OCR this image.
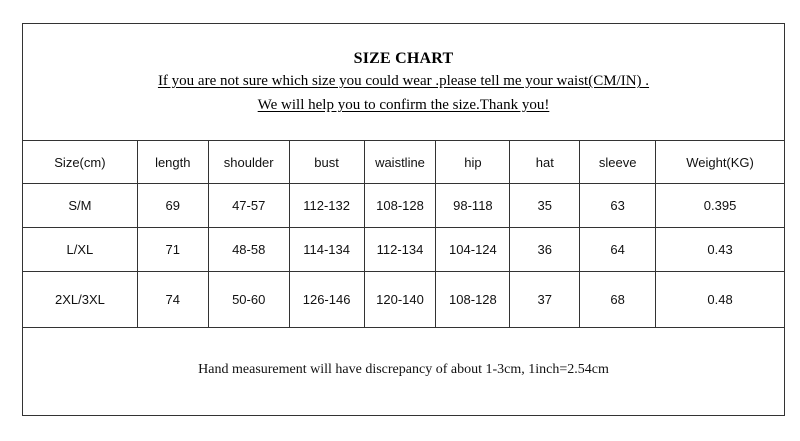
SIZE CHART
If you are not sure which size you could wear .please tell me your waist(CM/IN) .
We will help you to confirm the size.Thank you!
Size(cm)	length	shoulder	bust	waistline	hip	hat	sleeve	Weight(KG)
S/M	69	47-57	112-132	108-128	98-118	35	63	0.395
L/XL	71	48-58	114-134	112-134	104-124	36	64	0.43
2XL/3XL	74	50-60	126-146	120-140	108-128	37	68	0.48
Hand measurement will have discrepancy of about 1-3cm, 1inch=2.54cm
